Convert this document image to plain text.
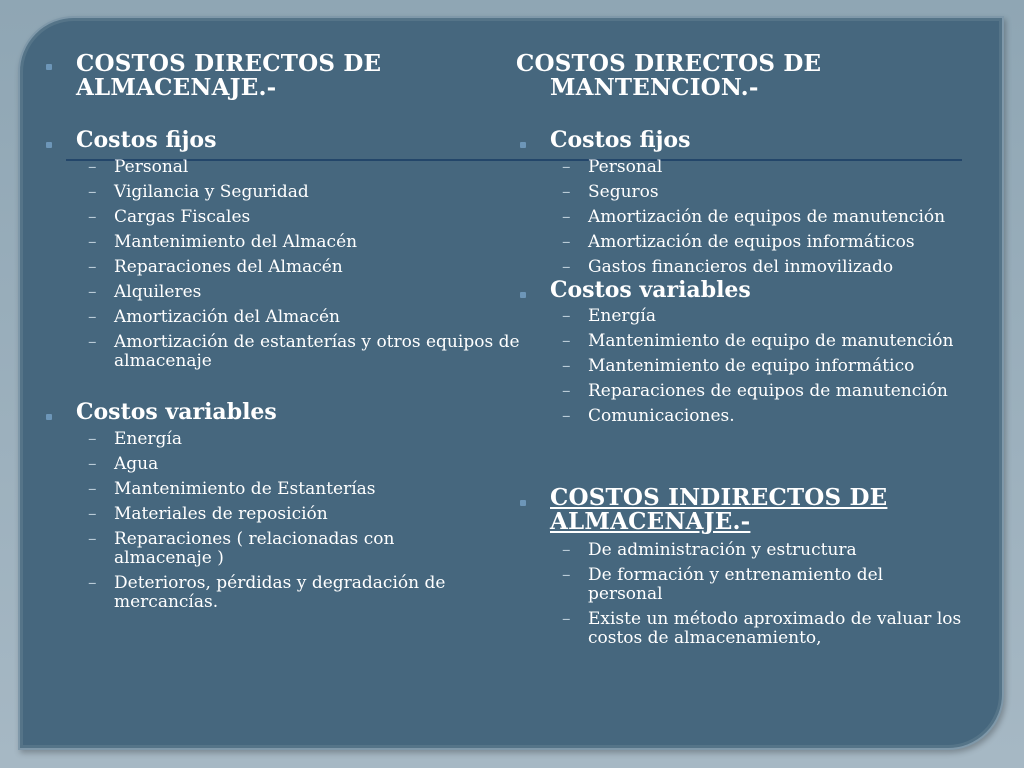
COSTOS DIRECTOS DE
ALMACENAJE.-
Costos fijos
– Personal
– Vigilancia y Seguridad
– Cargas Fiscales
– Mantenimiento del Almacén
– Reparaciones del Almacén
– Alquileres
– Amortización del Almacén
– Amortización de estanterías y otros equipos de almacenaje
Costos variables
– Energía
– Agua
– Mantenimiento de Estanterías
– Materiales de reposición
– Reparaciones ( relacionadas con almacenaje )
– Deterioros, pérdidas y degradación de mercancías.
COSTOS DIRECTOS DE
MANTENCION.-
Costos fijos
– Personal
– Seguros
– Amortización de equipos de manutención
– Amortización de equipos informáticos
– Gastos financieros del inmovilizado
Costos variables
– Energía
– Mantenimiento de equipo de manutención
– Mantenimiento de equipo informático
– Reparaciones de equipos de manutención
– Comunicaciones.
COSTOS INDIRECTOS DE
ALMACENAJE.-
– De administración y estructura
– De formación y entrenamiento del personal
– Existe un método aproximado de valuar los costos de almacenamiento,
